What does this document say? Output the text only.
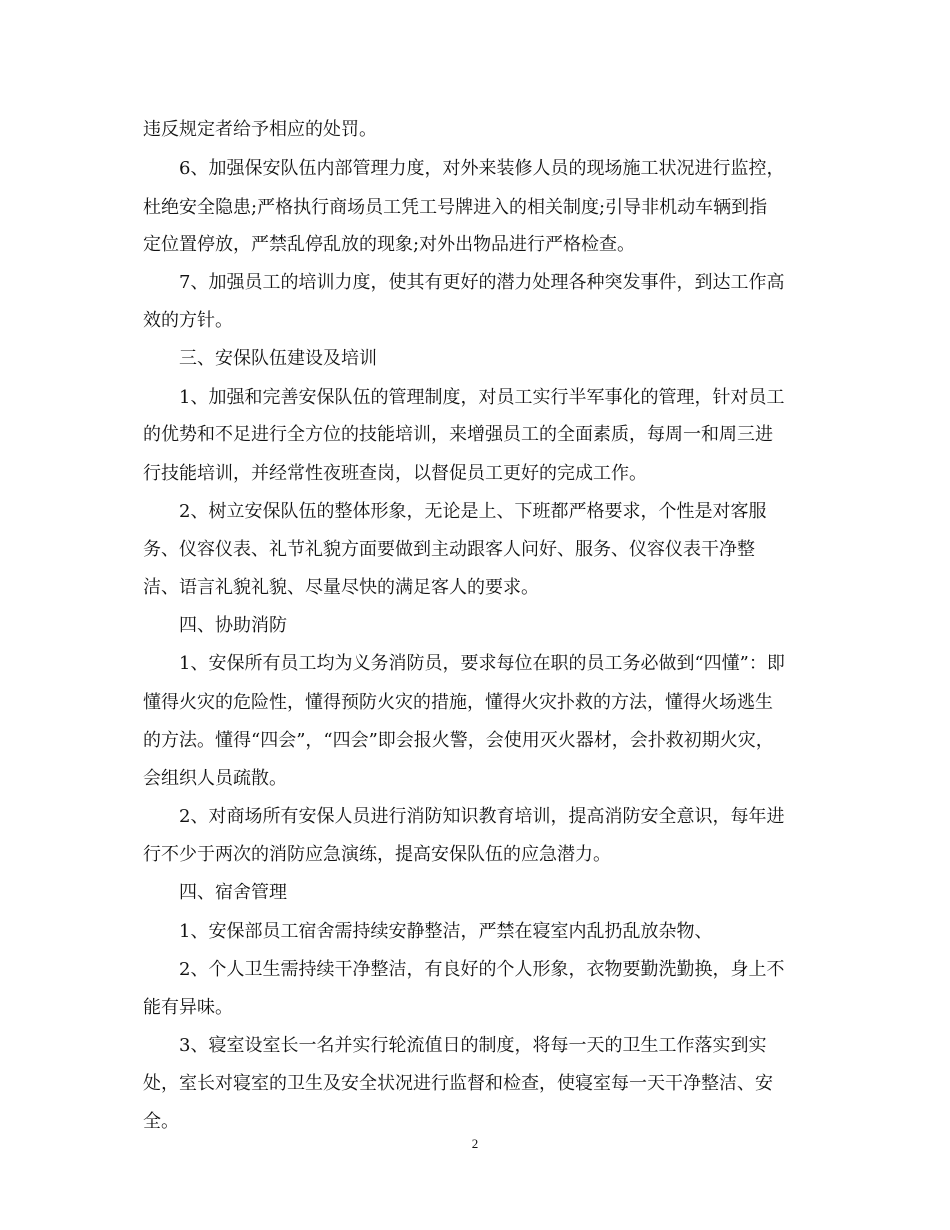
违反规定者给予相应的处罚。
6、加强保安队伍内部管理力度，对外来装修人员的现场施工状况进行监控，
杜绝安全隐患;严格执行商场员工凭工号牌进入的相关制度;引导非机动车辆到指
定位置停放，严禁乱停乱放的现象;对外出物品进行严格检查。
7、加强员工的培训力度，使其有更好的潜力处理各种突发事件，到达工作高
效的方针。
三、安保队伍建设及培训
1、加强和完善安保队伍的管理制度，对员工实行半军事化的管理，针对员工
的优势和不足进行全方位的技能培训，来增强员工的全面素质，每周一和周三进
行技能培训，并经常性夜班查岗，以督促员工更好的完成工作。
2、树立安保队伍的整体形象，无论是上、下班都严格要求，个性是对客服
务、仪容仪表、礼节礼貌方面要做到主动跟客人问好、服务、仪容仪表干净整
洁、语言礼貌礼貌、尽量尽快的满足客人的要求。
四、协助消防
1、安保所有员工均为义务消防员，要求每位在职的员工务必做到“四懂”：即
懂得火灾的危险性，懂得预防火灾的措施，懂得火灾扑救的方法，懂得火场逃生
的方法。懂得“四会”，“四会”即会报火警，会使用灭火器材，会扑救初期火灾，
会组织人员疏散。
2、对商场所有安保人员进行消防知识教育培训，提高消防安全意识，每年进
行不少于两次的消防应急演练，提高安保队伍的应急潜力。
四、宿舍管理
1、安保部员工宿舍需持续安静整洁，严禁在寝室内乱扔乱放杂物、
2、个人卫生需持续干净整洁，有良好的个人形象，衣物要勤洗勤换，身上不
能有异味。
3、寝室设室长一名并实行轮流值日的制度，将每一天的卫生工作落实到实
处，室长对寝室的卫生及安全状况进行监督和检查，使寝室每一天干净整洁、安
全。
2
